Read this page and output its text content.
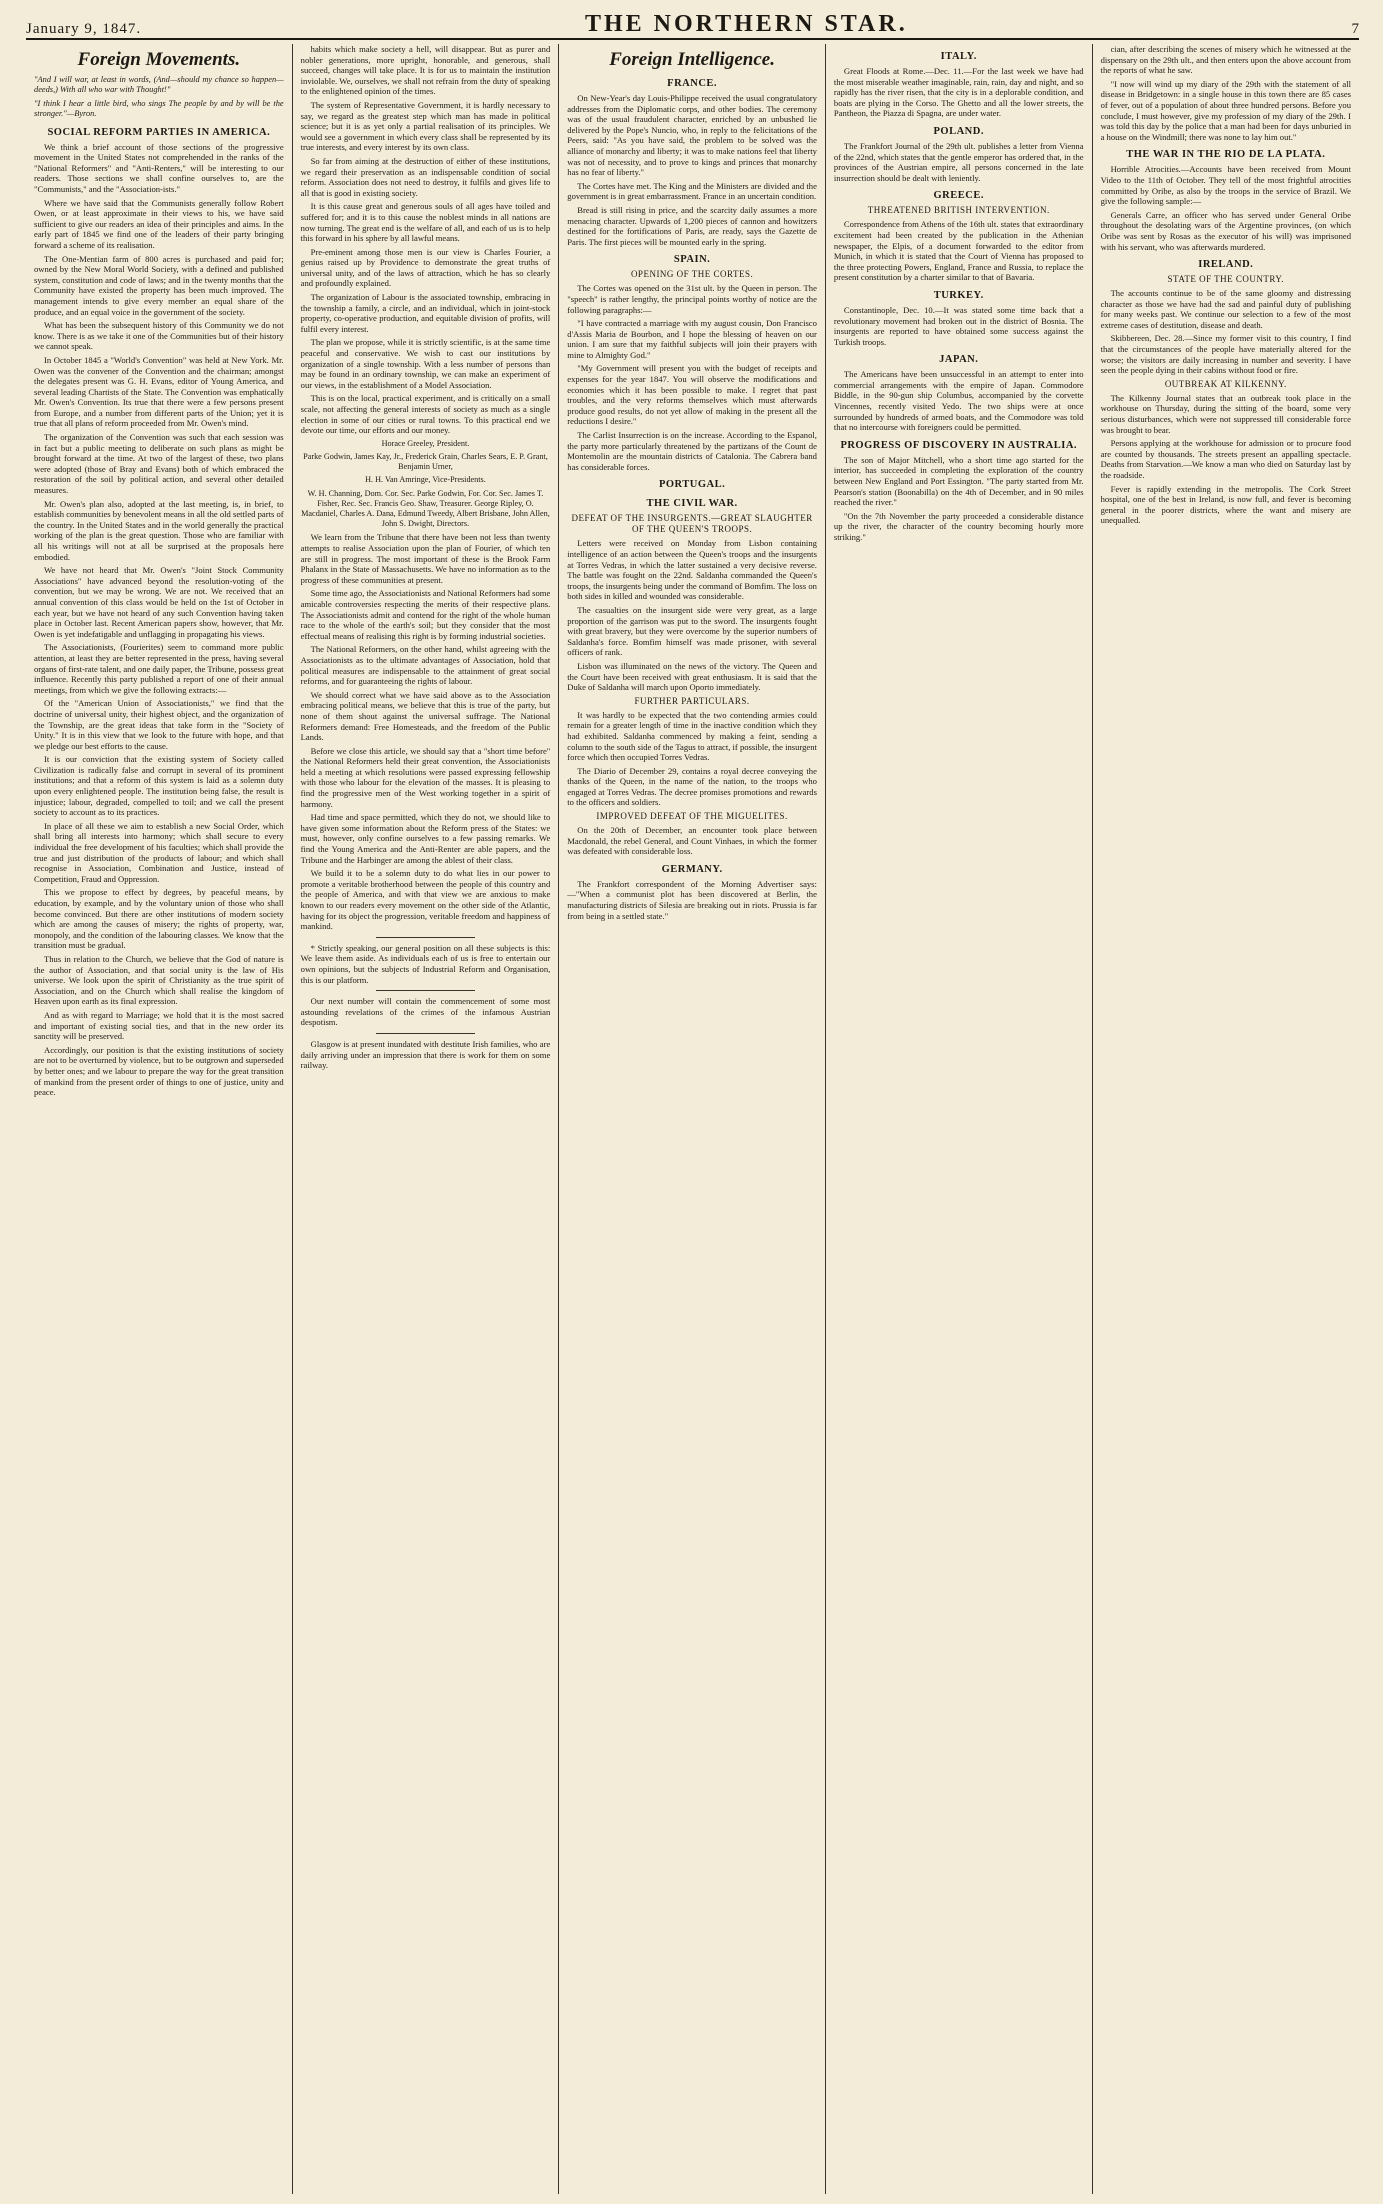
January 9, 1847.	THE NORTHERN STAR.	7
Foreign Movements.
"And I will war, at least in words, (And—should my chance so happen—deeds,) With all who war with Thought!"
"I think I hear a little bird, who sings The people by and by will be the stronger."—Byron.
SOCIAL REFORM PARTIES IN AMERICA.

We think a brief account of those sections of the progressive movement in the United States not comprehended in the ranks of the "National Reformers" and "Anti-Renters," will be interesting to our readers. Those sections we shall confine ourselves to, are the "Communists," and the "Association-ists."

Where we have said that the Communists generally follow Robert Owen, or at least approximate in their views to his, we have said sufficient to give our readers an idea of their principles and aims. In the early part of 1845 we find one of the leaders of their party bringing forward a scheme of its realisation.

The One-Mentian farm of 800 acres is purchased and paid for; owned by the New Moral World Society, with a defined and published system, constitution and code of laws; and in the twenty months that the Community have existed the property has been much improved. The management intends to give every member an equal share of the produce, and an equal voice in the government of the society.

What has been the subsequent history of this Community we do not know. There is as we take it one of the Communities but of their history we cannot speak.

In October 1845 a "World's Convention" was held at New York. Mr. Owen was the convener of the Convention and the chairman; amongst the delegates present was G. H. Evans, editor of Young America, and several leading Chartists of the State. The Convention was emphatically Mr. Owen's Convention. Its true that there were a few persons present from Europe, and a number from different parts of the Union; yet it is true that all plans of reform proceeded from Mr. Owen's mind.

The organization of the Convention was such that each session was in fact but a public meeting to deliberate on such plans as might be brought forward at the time. At two of the largest of these, two plans were adopted (those of Bray and Evans) both of which embraced the restoration of the soil by political action, and several other detailed measures.

Mr. Owen's plan also, adopted at the last meeting, is, in brief, to establish communities by benevolent means in all the old settled parts of the country. In the United States and in the world generally the practical working of the plan is the great question. Those who are familiar with all his writings will not at all be surprised at the proposals here embodied.

We have not heard that Mr. Owen's "Joint Stock Community Associations" have advanced beyond the resolution-voting of the convention, but we may be wrong. We are not. We received that an annual convention of this class would be held on the 1st of October in each year, but we have not heard of any such Convention having taken place in October last. Recent American papers show, however, that Mr. Owen is yet indefatigable and unflagging in propagating his views.

The Associationists, (Fourierites) seem to command more public attention, at least they are better represented in the press, having several organs of first-rate talent, and one daily paper, the Tribune, possess great influence. Recently this party published a report of one of their annual meetings, from which we give the following extracts:—

Of the "American Union of Associationists," we find that the doctrine of universal unity, their highest object, and the organization of the Township, are the great ideas that take form in the "Society of Unity." It is in this view that we look to the future with hope, and that we pledge our best efforts to the cause.

It is our conviction that the existing system of Society called Civilization is radically false and corrupt in several of its prominent institutions; and that a reform of this system is laid as a solemn duty upon every enlightened people. The institution being false, the result is injustice; labour, degraded, compelled to toil; and we call the present society to account as to its practices.

In place of all these we aim to establish a new Social Order, which shall bring all interests into harmony; which shall secure to every individual the free development of his faculties; which shall provide the true and just distribution of the products of labour; and which shall recognise in Association, Combination and Justice, instead of Competition, Fraud and Oppression.

This we propose to effect by degrees, by peaceful means, by education, by example, and by the voluntary union of those who shall become convinced. But there are other institutions of modern society which are among the causes of misery; the rights of property, war, monopoly, and the condition of the labouring classes. We know that the transition must be gradual.

Thus in relation to the Church, we believe that the God of nature is the author of Association, and that social unity is the law of His universe. We look upon the spirit of Christianity as the true spirit of Association, and on the Church which shall realise the kingdom of Heaven upon earth as its final expression.

And as with regard to Marriage; we hold that it is the most sacred and important of existing social ties, and that in the new order its sanctity will be preserved.

Accordingly, our position is that the existing institutions of society are not to be overturned by violence, but to be outgrown and superseded by better ones; and we labour to prepare the way for the great transition of mankind from the present order of things to one of justice, unity and peace.

habits which make society a hell, will disappear. But as purer and nobler generations, more upright, honorable, and generous, shall succeed, changes will take place. It is for us to maintain the institution inviolable. We, ourselves, we shall not refrain from the duty of speaking to the enlightened opinion of the times.

The system of Representative Government, it is hardly necessary to say, we regard as the greatest step which man has made in political science; but it is as yet only a partial realisation of its principles. We would see a government in which every class shall be represented by its true interests, and every interest by its own class.

So far from aiming at the destruction of either of these institutions, we regard their preservation as an indispensable condition of social reform. Association does not need to destroy, it fulfils and gives life to all that is good in existing society.

It is this cause great and generous souls of all ages have toiled and suffered for; and it is to this cause the noblest minds in all nations are now turning. The great end is the welfare of all, and each of us is to help this forward in his sphere by all lawful means.

Pre-eminent among those men is our view is Charles Fourier, a genius raised up by Providence to demonstrate the great truths of universal unity, and of the laws of attraction, which he has so clearly and profoundly explained.

The organization of Labour is the associated township, embracing in the township a family, a circle, and an individual, which in joint-stock property, co-operative production, and equitable division of profits, will fulfil every interest.

The plan we propose, while it is strictly scientific, is at the same time peaceful and conservative. We wish to cast our institutions by organization of a single township. With a less number of persons than may be found in an ordinary township, we can make an experiment of our views, in the establishment of a Model Association.

This is on the local, practical experiment, and is critically on a small scale, not affecting the general interests of society as much as a single election in some of our cities or rural towns. To this practical end we devote our time, our efforts and our money.

Horace Greeley, President.
Parke Godwin, James Kay, Jr., Frederick Grain, Charles Sears, E. P. Grant, Benjamin Urner,
H. H. Van Amringe, Vice-Presidents.
W. H. Channing, Dom. Cor. Sec. Parke Godwin, For. Cor. Sec. James T. Fisher, Rec. Sec. Francis Geo. Shaw, Treasurer. George Ripley, O. Macdaniel, Charles A. Dana, Edmund Tweedy, Albert Brisbane, John Allen, John S. Dwight, Directors.

We learn from the Tribune that there have been not less than twenty attempts to realise Association upon the plan of Fourier, of which ten are still in progress. The most important of these is the Brook Farm Phalanx in the State of Massachusetts. We have no information as to the progress of these communities at present.

Some time ago, the Associationists and National Reformers had some amicable controversies respecting the merits of their respective plans. The Associationists admit and contend for the right of the whole human race to the whole of the earth's soil; but they consider that the most effectual means of realising this right is by forming industrial societies.

The National Reformers, on the other hand, whilst agreeing with the Associationists as to the ultimate advantages of Association, hold that political measures are indispensable to the attainment of great social reforms, and for guaranteeing the rights of labour.

We should correct what we have said above as to the Association embracing political means, we believe that this is true of the party, but none of them shout against the universal suffrage. The National Reformers demand: Free Homesteads, and the freedom of the Public Lands.

Before we close this article, we should say that a "short time before" the National Reformers held their great convention, the Associationists held a meeting at which resolutions were passed expressing fellowship with those who labour for the elevation of the masses. It is pleasing to find the progressive men of the West working together in a spirit of harmony.

Had time and space permitted, which they do not, we should like to have given some information about the Reform press of the States: we must, however, only confine ourselves to a few passing remarks. We find the Young America and the Anti-Renter are able papers, and the Tribune and the Harbinger are among the ablest of their class.

We build it to be a solemn duty to do what lies in our power to promote a veritable brotherhood between the people of this country and the people of America, and with that view we are anxious to make known to our readers every movement on the other side of the Atlantic, having for its object the progression, veritable freedom and happiness of mankind.

* Strictly speaking, our general position on all these subjects is this: We leave them aside. As individuals each of us is free to entertain our own opinions, but the subjects of Industrial Reform and Organisation, this is our platform.

Our next number will contain the commencement of some most astounding revelations of the crimes of the infamous Austrian despotism.

Glasgow is at present inundated with destitute Irish families, who are daily arriving under an impression that there is work for them on some railway.

Foreign Intelligence.
FRANCE.

On New-Year's day Louis-Philippe received the usual congratulatory addresses from the Diplomatic corps, and other bodies. The ceremony was of the usual fraudulent character, enriched by an unbushed lie delivered by the Pope's Nuncio, who, in reply to the felicitations of the Peers, said: "As you have said, the problem to be solved was the alliance of monarchy and liberty; it was to make nations feel that liberty was not of necessity, and to prove to kings and princes that monarchy has no fear of liberty."

The Cortes have met. The King and the Ministers are divided and the government is in great embarrassment. France in an uncertain condition.

Bread is still rising in price, and the scarcity daily assumes a more menacing character. Upwards of 1,200 pieces of cannon and howitzers destined for the fortifications of Paris, are ready, says the Gazette de Paris. The first pieces will be mounted early in the spring.

SPAIN.
OPENING OF THE CORTES.

The Cortes was opened on the 31st ult. by the Queen in person. The "speech" is rather lengthy, the principal points worthy of notice are the following paragraphs:—

"I have contracted a marriage with my august cousin, Don Francisco d'Assis Maria de Bourbon, and I hope the blessing of heaven on our union. I am sure that my faithful subjects will join their prayers with mine to Almighty God."

"My Government will present you with the budget of receipts and expenses for the year 1847. You will observe the modifications and economies which it has been possible to make. I regret that past troubles, and the very reforms themselves which must afterwards produce good results, do not yet allow of making in the present all the reductions I desire."

The Carlist Insurrection is on the increase. According to the Espanol, the party more particularly threatened by the partizans of the Count de Montemolin are the mountain districts of Catalonia. The Cabrera band has considerable forces.

PORTUGAL.
THE CIVIL WAR.
DEFEAT OF THE INSURGENTS.—GREAT SLAUGHTER OF THE QUEEN'S TROOPS.

Letters were received on Monday from Lisbon containing intelligence of an action between the Queen's troops and the insurgents at Torres Vedras, in which the latter sustained a very decisive reverse. The battle was fought on the 22nd. Saldanha commanded the Queen's troops, the insurgents being under the command of Bomfim. The loss on both sides in killed and wounded was considerable.

The casualties on the insurgent side were very great, as a large proportion of the garrison was put to the sword. The insurgents fought with great bravery, but they were overcome by the superior numbers of Saldanha's force. Bomfim himself was made prisoner, with several officers of rank.

Lisbon was illuminated on the news of the victory. The Queen and the Court have been received with great enthusiasm. It is said that the Duke of Saldanha will march upon Oporto immediately.

FURTHER PARTICULARS.

It was hardly to be expected that the two contending armies could remain for a greater length of time in the inactive condition which they had exhibited. Saldanha commenced by making a feint, sending a column to the south side of the Tagus to attract, if possible, the insurgent force which then occupied Torres Vedras.

The Diario of December 29, contains a royal decree conveying the thanks of the Queen, in the name of the nation, to the troops who engaged at Torres Vedras. The decree promises promotions and rewards to the officers and soldiers.

IMPROVED DEFEAT OF THE MIGUELITES.

On the 20th of December, an encounter took place between Macdonald, the rebel General, and Count Vinhaes, in which the former was defeated with considerable loss.

GERMANY.

The Frankfort correspondent of the Morning Advertiser says:—"When a communist plot has been discovered at Berlin, the manufacturing districts of Silesia are breaking out in riots. Prussia is far from being in a settled state."

ITALY.

Great Floods at Rome.—Dec. 11.—For the last week we have had the most miserable weather imaginable, rain, rain, day and night, and so rapidly has the river risen, that the city is in a deplorable condition, and boats are plying in the Corso. The Ghetto and all the lower streets, the Pantheon, the Piazza di Spagna, are under water.

POLAND.

The Frankfort Journal of the 29th ult. publishes a letter from Vienna of the 22nd, which states that the gentle emperor has ordered that, in the provinces of the Austrian empire, all persons concerned in the late insurrection should be dealt with leniently.

GREECE.
THREATENED BRITISH INTERVENTION.

Correspondence from Athens of the 16th ult. states that extraordinary excitement had been created by the publication in the Athenian newspaper, the Elpis, of a document forwarded to the editor from Munich, in which it is stated that the Court of Vienna has proposed to the three protecting Powers, England, France and Russia, to replace the present constitution by a charter similar to that of Bavaria.

TURKEY.

Constantinople, Dec. 10.—It was stated some time back that a revolutionary movement had broken out in the district of Bosnia. The insurgents are reported to have obtained some success against the Turkish troops.

JAPAN.

The Americans have been unsuccessful in an attempt to enter into commercial arrangements with the empire of Japan. Commodore Biddle, in the 90-gun ship Columbus, accompanied by the corvette Vincennes, recently visited Yedo. The two ships were at once surrounded by hundreds of armed boats, and the Commodore was told that no intercourse with foreigners could be permitted.

PROGRESS OF DISCOVERY IN AUSTRALIA.

The son of Major Mitchell, who a short time ago started for the interior, has succeeded in completing the exploration of the country between New England and Port Essington. "The party started from Mr. Pearson's station (Boonabilla) on the 4th of December, and in 90 miles reached the river."

"On the 7th November the party proceeded a considerable distance up the river, the character of the country becoming hourly more striking."

cian, after describing the scenes of misery which he witnessed at the dispensary on the 29th ult., and then enters upon the above account from the reports of what he saw.

"I now will wind up my diary of the 29th with the statement of all disease in Bridgetown: in a single house in this town there are 85 cases of fever, out of a population of about three hundred persons. Before you conclude, I must however, give my profession of my diary of the 29th. I was told this day by the police that a man had been for days unburied in a house on the Windmill; there was none to lay him out."

THE WAR IN THE RIO DE LA PLATA.

Horrible Atrocities.—Accounts have been received from Mount Video to the 11th of October. They tell of the most frightful atrocities committed by Oribe, as also by the troops in the service of Brazil. We give the following sample:—

Generals Carre, an officer who has served under General Oribe throughout the desolating wars of the Argentine provinces, (on which Oribe was sent by Rosas as the executor of his will) was imprisoned with his servant, who was afterwards murdered.

IRELAND.
STATE OF THE COUNTRY.

The accounts continue to be of the same gloomy and distressing character as those we have had the sad and painful duty of publishing for many weeks past. We continue our selection to a few of the most extreme cases of destitution, disease and death.

Skibbereen, Dec. 28.—Since my former visit to this country, I find that the circumstances of the people have materially altered for the worse; the visitors are daily increasing in number and severity. I have seen the people dying in their cabins without food or fire.

OUTBREAK AT KILKENNY.

The Kilkenny Journal states that an outbreak took place in the workhouse on Thursday, during the sitting of the board, some very serious disturbances, which were not suppressed till considerable force was brought to bear.

Persons applying at the workhouse for admission or to procure food are counted by thousands. The streets present an appalling spectacle. Deaths from Starvation.—We know a man who died on Saturday last by the roadside.

Fever is rapidly extending in the metropolis. The Cork Street hospital, one of the best in Ireland, is now full, and fever is becoming general in the poorer districts, where the want and misery are unequalled.
